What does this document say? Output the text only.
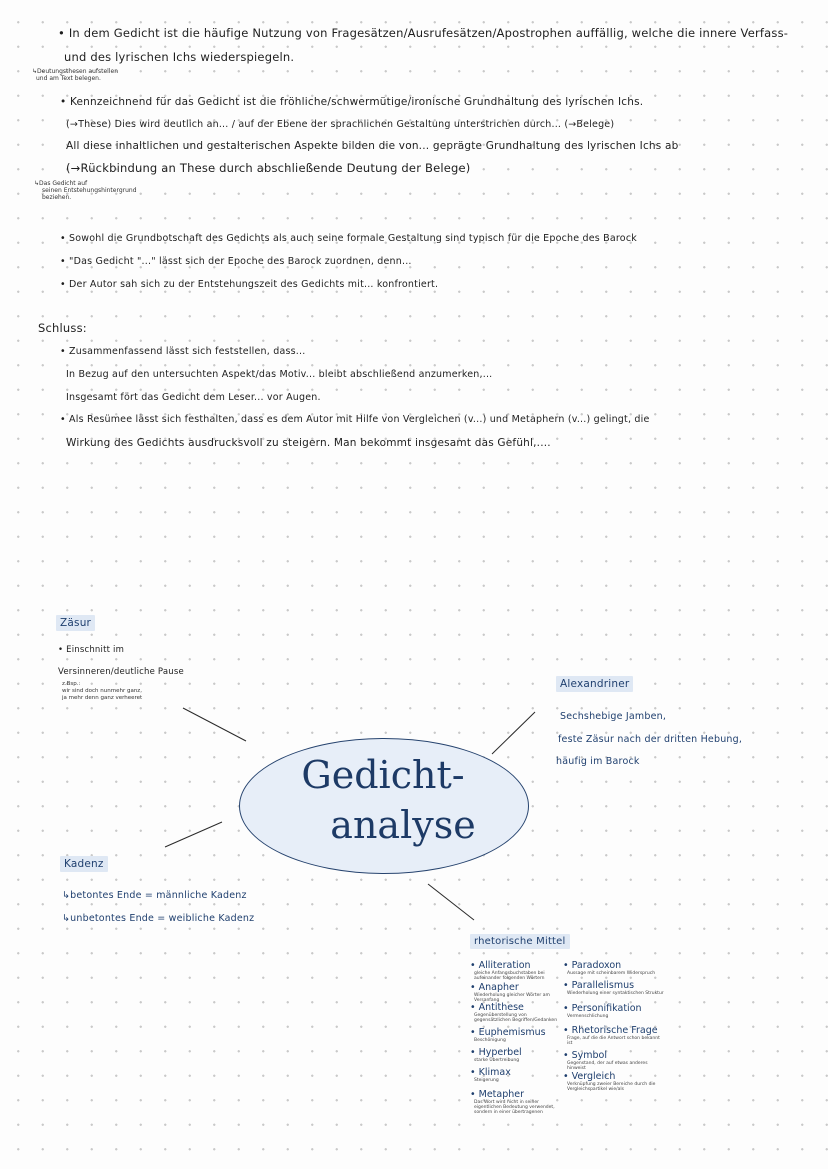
• In dem Gedicht ist die häufige Nutzung von Fragesätzen/Ausrufesätzen/Apostrophen auffällig, welche die innere Verfass-
und des lyrischen Ichs wiederspiegeln.
↳Deutungsthesen aufstellen
und am Text belegen.
• Kennzeichnend für das Gedicht ist die fröhliche/schwermütige/ironische Grundhaltung des lyrischen Ichs.
(→These) Dies wird deutlich an... / auf der Ebene der sprachlichen Gestaltung unterstrichen durch... (→Belege)
All diese inhaltlichen und gestalterischen Aspekte bilden die von... geprägte Grundhaltung des lyrischen Ichs ab
(→Rückbindung an These durch abschließende Deutung der Belege)
↳Das Gedicht auf
seinen Entstehungshintergrund
beziehen.
• Sowohl die Grundbotschaft des Gedichts als auch seine formale Gestaltung sind typisch für die Epoche des Barock
• "Das Gedicht "..." lässt sich der Epoche des Barock zuordnen, denn...
• Der Autor sah sich zu der Entstehungszeit des Gedichts mit... konfrontiert.
Schluss:
• Zusammenfassend lässt sich feststellen, dass...
In Bezug auf den untersuchten Aspekt/das Motiv... bleibt abschließend anzumerken,...
Insgesamt fört das Gedicht dem Leser... vor Augen.
• Als Resümee lässt sich festhalten, dass es dem Autor mit Hilfe von Vergleichen (v...) und Metaphern (v...) gelingt, die
Wirkung des Gedichts ausdrucksvoll zu steigern. Man bekommt insgesamt das Gefühl,....
Gedicht-
analyse
Zäsur
• Einschnitt im
Versinneren/deutliche Pause
z.Bsp.:
wir sind doch nunmehr ganz,
ja mehr denn ganz verheeret
Alexandriner
Sechshebige Jamben,
feste Zäsur nach der dritten Hebung,
häufig im Barock
Kadenz
↳betontes Ende = männliche Kadenz
↳unbetontes Ende = weibliche Kadenz
rhetorische Mittel
• Alliteration
gleiche Anfangsbuchstaben bei aufeinander folgenden Wörtern
• Anapher
Wiederholung gleicher Wörter am Versanfang
• Antithese
Gegenüberstellung von gegensätzlichen Begriffen/Gedanken
• Euphemismus
Beschönigung
• Hyperbel
starke Übertreibung
• Klimax
Steigerung
• Metapher
Das Wort wird nicht in seiner eigentlichen Bedeutung verwendet, sondern in einer übertragenen
• Paradoxon
Aussage mit scheinbarem Widerspruch
• Parallelismus
Wiederholung einer syntaktischen Struktur
• Personifikation
Vermenschlichung
• Rhetorische Frage
Frage, auf die die Antwort schon bekannt ist
• Symbol
Gegenstand, der auf etwas anderes hinweist
• Vergleich
Verknüpfung zweier Bereiche durch die Vergleichspartikel wie/als
